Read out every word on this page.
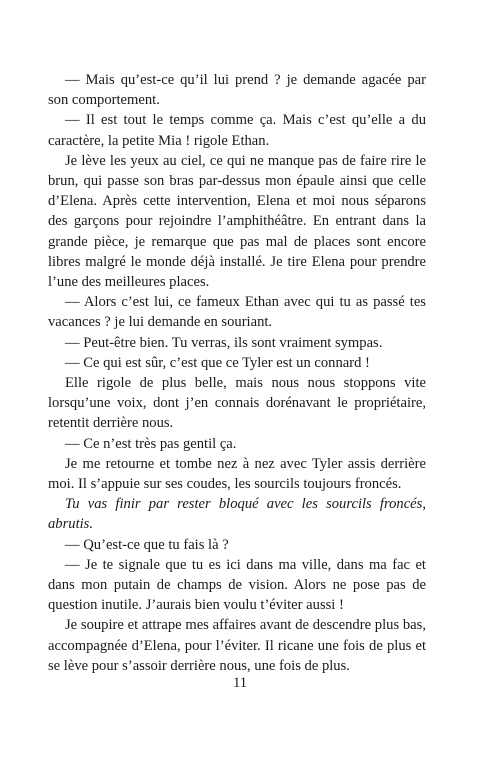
— Mais qu’est-ce qu’il lui prend ? je demande agacée par son comportement.

— Il est tout le temps comme ça. Mais c’est qu’elle a du caractère, la petite Mia ! rigole Ethan.

Je lève les yeux au ciel, ce qui ne manque pas de faire rire le brun, qui passe son bras par-dessus mon épaule ainsi que celle d’Elena. Après cette intervention, Elena et moi nous séparons des garçons pour rejoindre l’amphithéâtre. En entrant dans la grande pièce, je remarque que pas mal de places sont encore libres malgré le monde déjà installé. Je tire Elena pour prendre l’une des meilleures places.

— Alors c’est lui, ce fameux Ethan avec qui tu as passé tes vacances ? je lui demande en souriant.

— Peut-être bien. Tu verras, ils sont vraiment sympas.

— Ce qui est sûr, c’est que ce Tyler est un connard !

Elle rigole de plus belle, mais nous nous stoppons vite lorsqu’une voix, dont j’en connais dorénavant le propriétaire, retentit derrière nous.

— Ce n’est très pas gentil ça.

Je me retourne et tombe nez à nez avec Tyler assis derrière moi. Il s’appuie sur ses coudes, les sourcils toujours froncés.

Tu vas finir par rester bloqué avec les sourcils froncés, abrutis.

— Qu’est-ce que tu fais là ?

— Je te signale que tu es ici dans ma ville, dans ma fac et dans mon putain de champs de vision. Alors ne pose pas de question inutile. J’aurais bien voulu t’éviter aussi !

Je soupire et attrape mes affaires avant de descendre plus bas, accompagnée d’Elena, pour l’éviter. Il ricane une fois de plus et se lève pour s’assoir derrière nous, une fois de plus.

11
